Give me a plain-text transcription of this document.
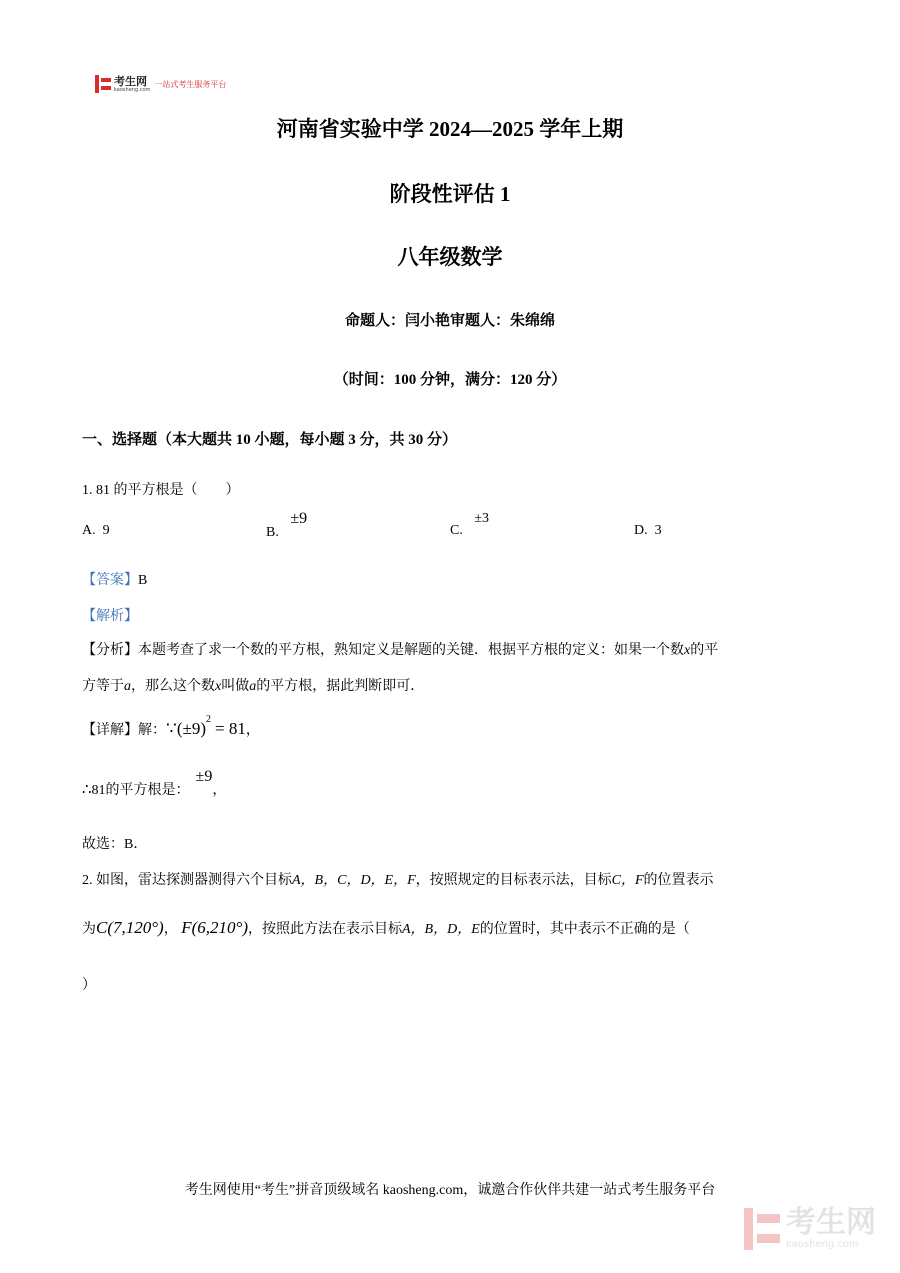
考生网
kaosheng.com
一站式考生服务平台
河南省实验中学 2024—2025 学年上期
阶段性评估 1
八年级数学
命题人：闫小艳审题人：朱绵绵
（时间：100 分钟，满分：120 分）
一、选择题（本大题共 10 小题，每小题 3 分，共 30 分）
1. 81 的平方根是（　　）
A. 9	B. ±9
C. ±3
D. 3
【答案】B
【解析】
【分析】本题考查了求一个数的平方根，熟知定义是解题的关键．根据平方根的定义：如果一个数x的平
方等于a，那么这个数x叫做a的平方根，据此判断即可．
【详解】解：$\because(\pm 9)^2 = 81$，
∴81的平方根是：±9，
故选：B．
2. 如图，雷达探测器测得六个目标A，B，C，D，E，F，按照规定的目标表示法，目标C，F的位置表示
为C(7,120°)， F(6,210°)，按照此方法在表示目标A，B，D，E的位置时，其中表示不正确的是（
）
考生网使用“考生”拼音顶级域名 kaosheng.com，诚邀合作伙伴共建一站式考生服务平台
考生网
kaosheng.com
